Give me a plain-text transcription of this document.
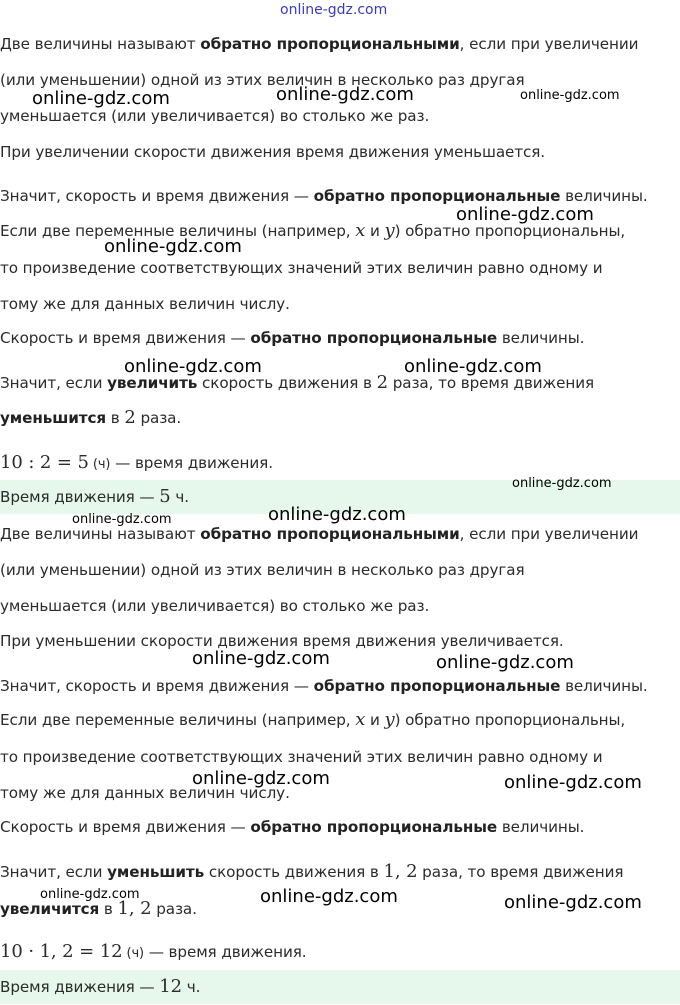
online-gdz.com
Две величины называют обратно пропорциональными, если при увеличении
(или уменьшении) одной из этих величин в несколько раз другая
уменьшается (или увеличивается) во столько же раз.
При увеличении скорости движения время движения уменьшается.
Значит, скорость и время движения — обратно пропорциональные величины.
Если две переменные величины (например, x и y) обратно пропорциональны,
то произведение соответствующих значений этих величин равно одному и
тому же для данных величин числу.
Скорость и время движения — обратно пропорциональные величины.
Значит, если увеличить скорость движения в 2 раза, то время движения
уменьшится в 2 раза.
10 : 2 = 5 (ч) — время движения.
Время движения — 5 ч.
Две величины называют обратно пропорциональными, если при увеличении
(или уменьшении) одной из этих величин в несколько раз другая
уменьшается (или увеличивается) во столько же раз.
При уменьшении скорости движения время движения увеличивается.
Значит, скорость и время движения — обратно пропорциональные величины.
Если две переменные величины (например, x и y) обратно пропорциональны,
то произведение соответствующих значений этих величин равно одному и
тому же для данных величин числу.
Скорость и время движения — обратно пропорциональные величины.
Значит, если уменьшить скорость движения в 1, 2 раза, то время движения
увеличится в 1, 2 раза.
10 · 1, 2 = 12 (ч) — время движения.
Время движения — 12 ч.
online-gdz.com	online-gdz.com	online-gdz.com
online-gdz.com
online-gdz.com
online-gdz.com	online-gdz.com
online-gdz.com
online-gdz.com	online-gdz.com
online-gdz.com	online-gdz.com
online-gdz.com	online-gdz.com
online-gdz.com	online-gdz.com	online-gdz.com
